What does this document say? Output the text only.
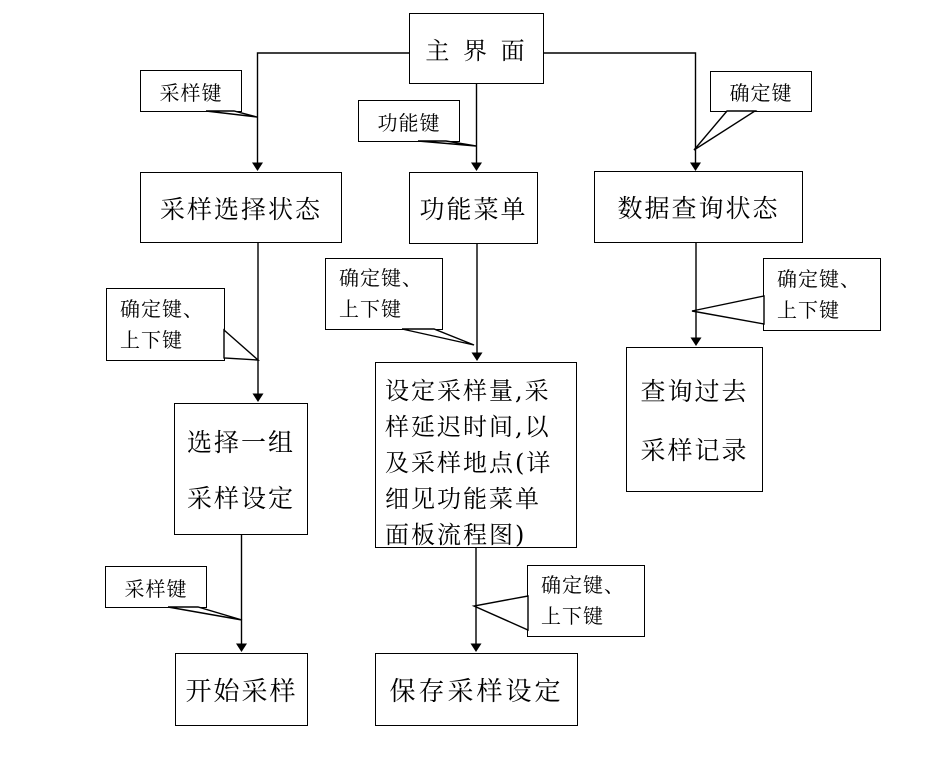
主 界 面
采样选择状态	功能菜单	数据查询状态
选择一组
采样设定
设定采样量,采
样延迟时间,以
及采样地点(详
细见功能菜单
面板流程图)
查询过去
采样记录
开始采样	保存采样设定
采样键
功能键
确定键
确定键、
上下键
确定键、
上下键
确定键、
上下键
采样键	确定键、
上下键
